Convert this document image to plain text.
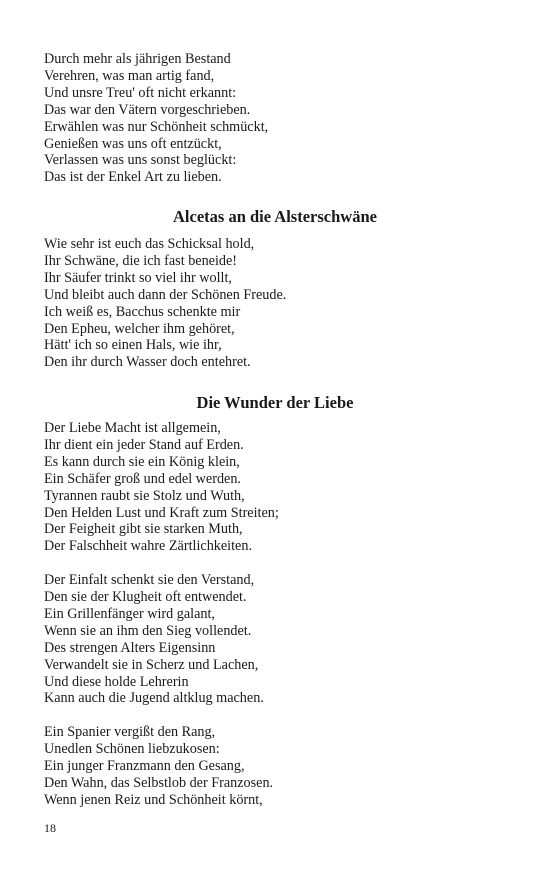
Durch mehr als jährigen Bestand
Verehren, was man artig fand,
Und unsre Treu' oft nicht erkannt:
Das war den Vätern vorgeschrieben.
Erwählen was nur Schönheit schmückt,
Genießen was uns oft entzückt,
Verlassen was uns sonst beglückt:
Das ist der Enkel Art zu lieben.
Alcetas an die Alsterschwäne
Wie sehr ist euch das Schicksal hold,
Ihr Schwäne, die ich fast beneide!
Ihr Säufer trinkt so viel ihr wollt,
Und bleibt auch dann der Schönen Freude.
Ich weiß es, Bacchus schenkte mir
Den Epheu, welcher ihm gehöret,
Hätt' ich so einen Hals, wie ihr,
Den ihr durch Wasser doch entehret.
Die Wunder der Liebe
Der Liebe Macht ist allgemein,
Ihr dient ein jeder Stand auf Erden.
Es kann durch sie ein König klein,
Ein Schäfer groß und edel werden.
Tyrannen raubt sie Stolz und Wuth,
Den Helden Lust und Kraft zum Streiten;
Der Feigheit gibt sie starken Muth,
Der Falschheit wahre Zärtlichkeiten.
Der Einfalt schenkt sie den Verstand,
Den sie der Klugheit oft entwendet.
Ein Grillenfänger wird galant,
Wenn sie an ihm den Sieg vollendet.
Des strengen Alters Eigensinn
Verwandelt sie in Scherz und Lachen,
Und diese holde Lehrerin
Kann auch die Jugend altklug machen.
Ein Spanier vergißt den Rang,
Unedlen Schönen liebzukosen:
Ein junger Franzmann den Gesang,
Den Wahn, das Selbstlob der Franzosen.
Wenn jenen Reiz und Schönheit körnt,
18
